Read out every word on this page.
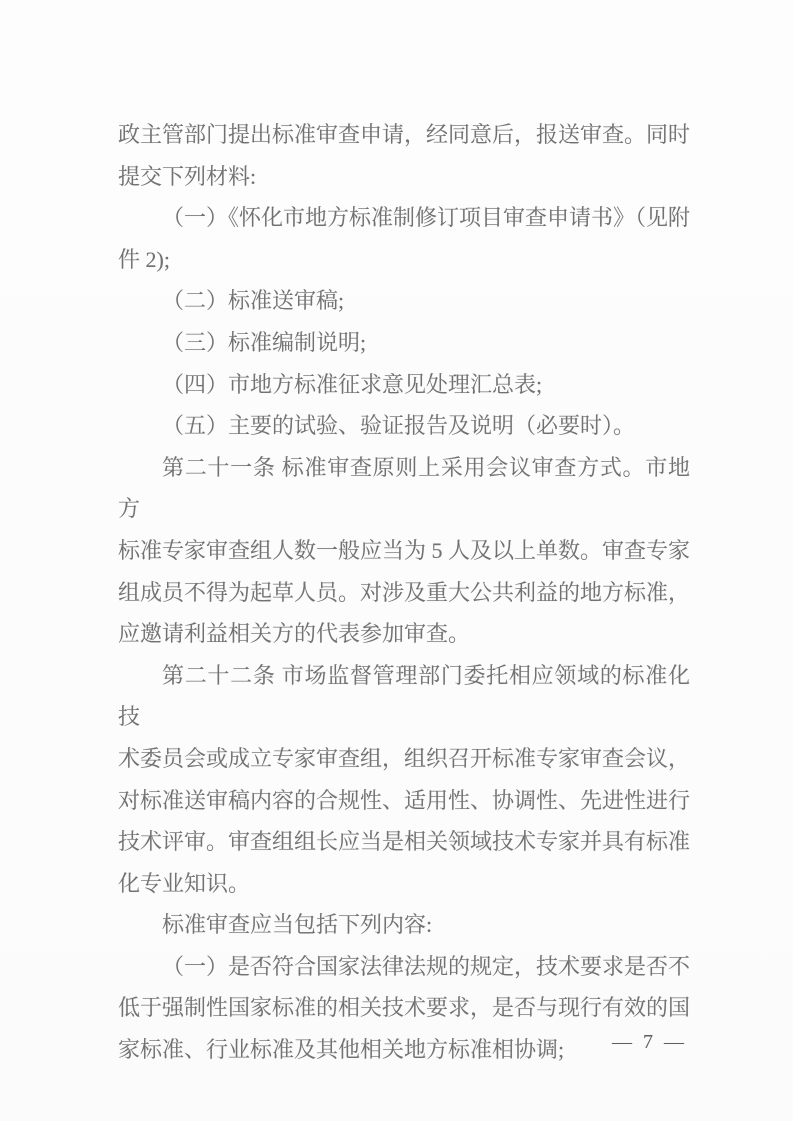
政主管部门提出标准审查申请，经同意后，报送审查。同时
提交下列材料:
（一）《怀化市地方标准制修订项目审查申请书》（见附
件 2);
（二）标准送审稿;
（三）标准编制说明;
（四）市地方标准征求意见处理汇总表;
（五）主要的试验、验证报告及说明（必要时）。
第二十一条 标准审查原则上采用会议审查方式。市地方
标准专家审查组人数一般应当为 5 人及以上单数。审查专家
组成员不得为起草人员。对涉及重大公共利益的地方标准，
应邀请利益相关方的代表参加审查。
第二十二条 市场监督管理部门委托相应领域的标准化技
术委员会或成立专家审查组，组织召开标准专家审查会议，
对标准送审稿内容的合规性、适用性、协调性、先进性进行
技术评审。审查组组长应当是相关领域技术专家并具有标准
化专业知识。
标准审查应当包括下列内容:
（一）是否符合国家法律法规的规定，技术要求是否不
低于强制性国家标准的相关技术要求，是否与现行有效的国
家标准、行业标准及其他相关地方标准相协调;	— 7 —
